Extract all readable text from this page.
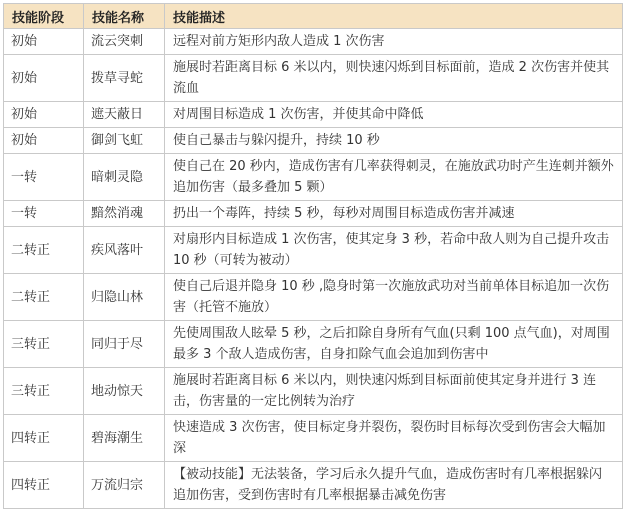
技能阶段	技能名称	技能描述
初始	流云突刺	远程对前方矩形内敌人造成 1 次伤害
初始	拨草寻蛇	施展时若距离目标 6 米以内，则快速闪烁到目标面前，造成 2 次伤害并使其流血
初始	遮天蔽日	对周围目标造成 1 次伤害，并使其命中降低
初始	御剑飞虹	使自己暴击与躲闪提升，持续 10 秒
一转	暗刺灵隐	使自己在 20 秒内，造成伤害有几率获得刺灵，在施放武功时产生连刺并额外追加伤害（最多叠加 5 颗）
一转	黯然消魂	扔出一个毒阵，持续 5 秒，每秒对周围目标造成伤害并减速
二转正	疾风落叶	对扇形内目标造成 1 次伤害，使其定身 3 秒，若命中敌人则为自己提升攻击 10 秒（可转为被动）
二转正	归隐山林	使自己后退并隐身 10 秒 ,隐身时第一次施放武功对当前单体目标追加一次伤害（托管不施放）
三转正	同归于尽	先使周围敌人眩晕 5 秒，之后扣除自身所有气血(只剩 100 点气血)，对周围最多 3 个敌人造成伤害，自身扣除气血会追加到伤害中
三转正	地动惊天	施展时若距离目标 6 米以内，则快速闪烁到目标面前使其定身并进行 3 连击，伤害量的一定比例转为治疗
四转正	碧海潮生	快速造成 3 次伤害，使目标定身并裂伤，裂伤时目标每次受到伤害会大幅加深
四转正	万流归宗	【被动技能】无法装备，学习后永久提升气血，造成伤害时有几率根据躲闪追加伤害，受到伤害时有几率根据暴击减免伤害
